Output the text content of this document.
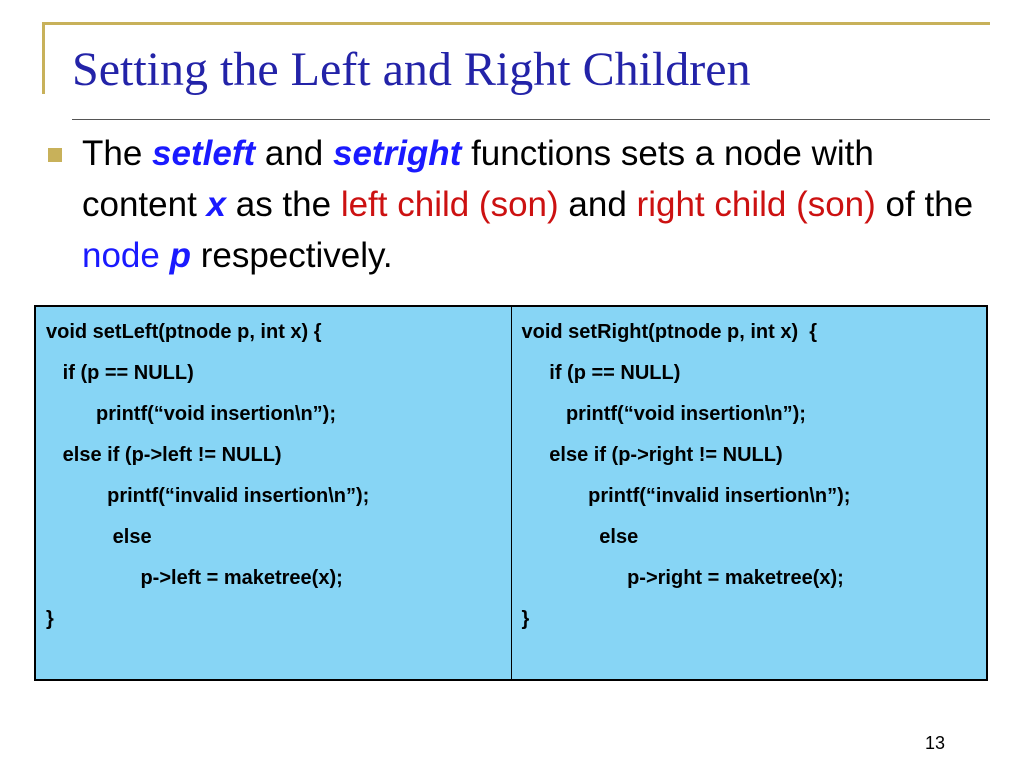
Setting the Left and Right Children
The setleft and setright functions sets a node with content x as the left child (son) and right child (son) of the node p respectively.
void setLeft(ptnode p, int x) {
if (p == NULL)
printf(“void insertion\n”);
else if (p->left != NULL)
printf(“invalid insertion\n”);
else
p->left = maketree(x);
}
void setRight(ptnode p, int x)  {
if (p == NULL)
printf(“void insertion\n”);
else if (p->right != NULL)
printf(“invalid insertion\n”);
else
p->right = maketree(x);
}
13
